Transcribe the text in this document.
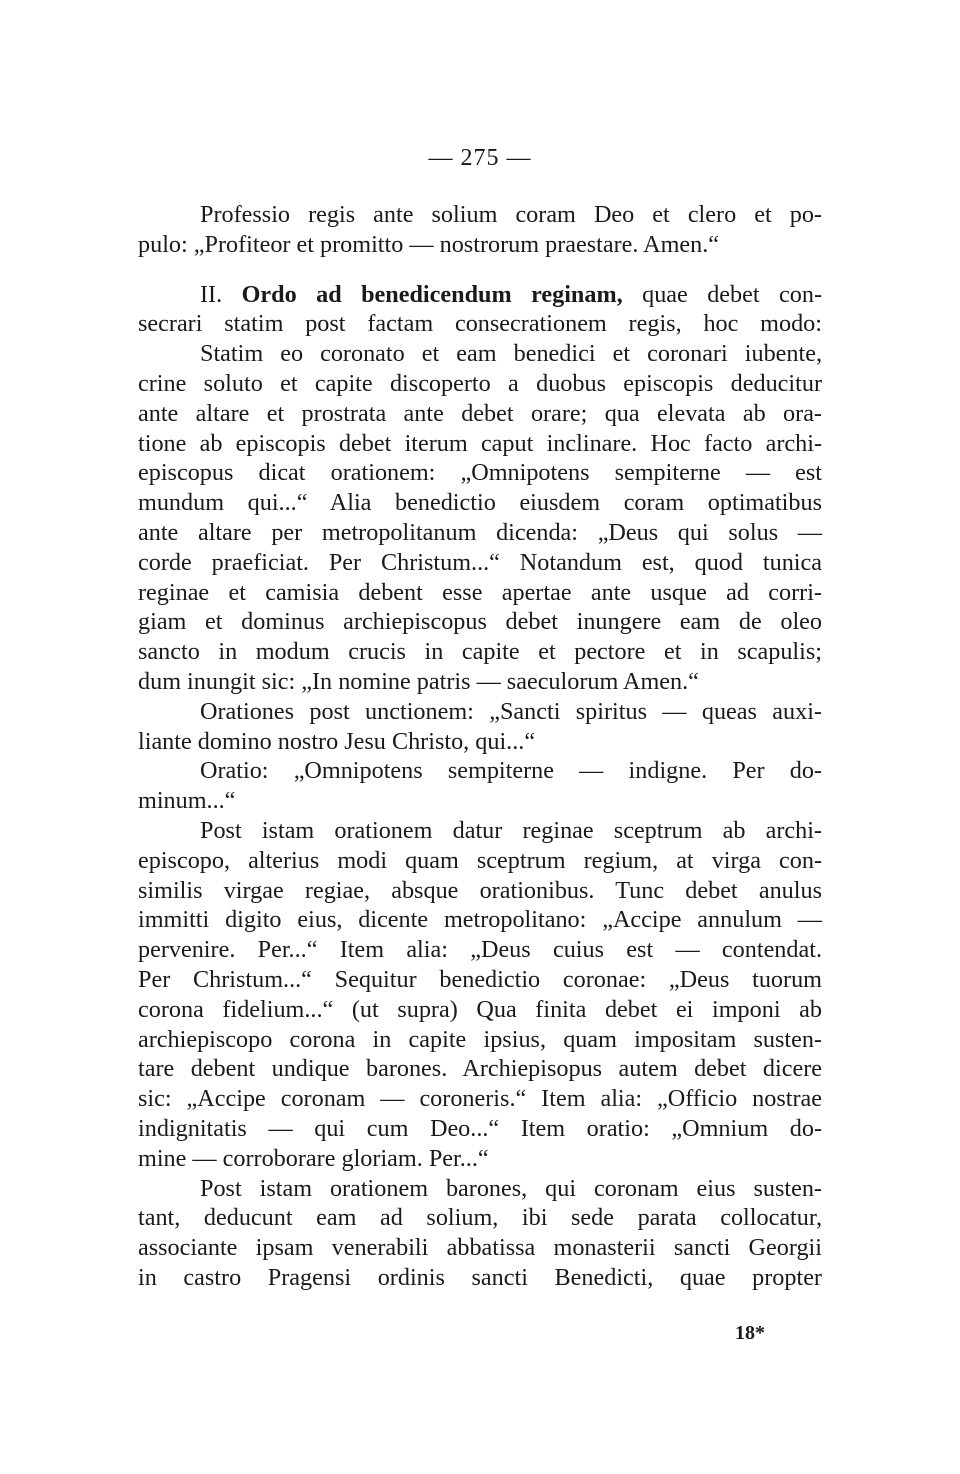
— 275 —
Professio regis ante solium coram Deo et clero et po-
pulo: „Profiteor et promitto — nostrorum praestare. Amen.“
II. Ordo ad benedicendum reginam, quae debet con-
secrari statim post factam consecrationem regis, hoc modo:
Statim eo coronato et eam benedici et coronari iubente,
crine soluto et capite discoperto a duobus episcopis deducitur
ante altare et prostrata ante debet orare; qua elevata ab ora-
tione ab episcopis debet iterum caput inclinare. Hoc facto archi-
episcopus dicat orationem: „Omnipotens sempiterne — est
mundum qui...“ Alia benedictio eiusdem coram optimatibus
ante altare per metropolitanum dicenda: „Deus qui solus —
corde praeficiat. Per Christum...“ Notandum est, quod tunica
reginae et camisia debent esse apertae ante usque ad corri-
giam et dominus archiepiscopus debet inungere eam de oleo
sancto in modum crucis in capite et pectore et in scapulis;
dum inungit sic: „In nomine patris — saeculorum Amen.“
Orationes post unctionem: „Sancti spiritus — queas auxi-
liante domino nostro Jesu Christo, qui...“
Oratio: „Omnipotens sempiterne — indigne. Per do-
minum...“
Post istam orationem datur reginae sceptrum ab archi-
episcopo, alterius modi quam sceptrum regium, at virga con-
similis virgae regiae, absque orationibus. Tunc debet anulus
immitti digito eius, dicente metropolitano: „Accipe annulum —
pervenire. Per...“ Item alia: „Deus cuius est — contendat.
Per Christum...“ Sequitur benedictio coronae: „Deus tuorum
corona fidelium...“ (ut supra) Qua finita debet ei imponi ab
archiepiscopo corona in capite ipsius, quam impositam susten-
tare debent undique barones. Archiepisopus autem debet dicere
sic: „Accipe coronam — coroneris.“ Item alia: „Officio nostrae
indignitatis — qui cum Deo...“ Item oratio: „Omnium do-
mine — corroborare gloriam. Per...“
Post istam orationem barones, qui coronam eius susten-
tant, deducunt eam ad solium, ibi sede parata collocatur,
associante ipsam venerabili abbatissa monasterii sancti Georgii
in castro Pragensi ordinis sancti Benedicti, quae propter
18*
